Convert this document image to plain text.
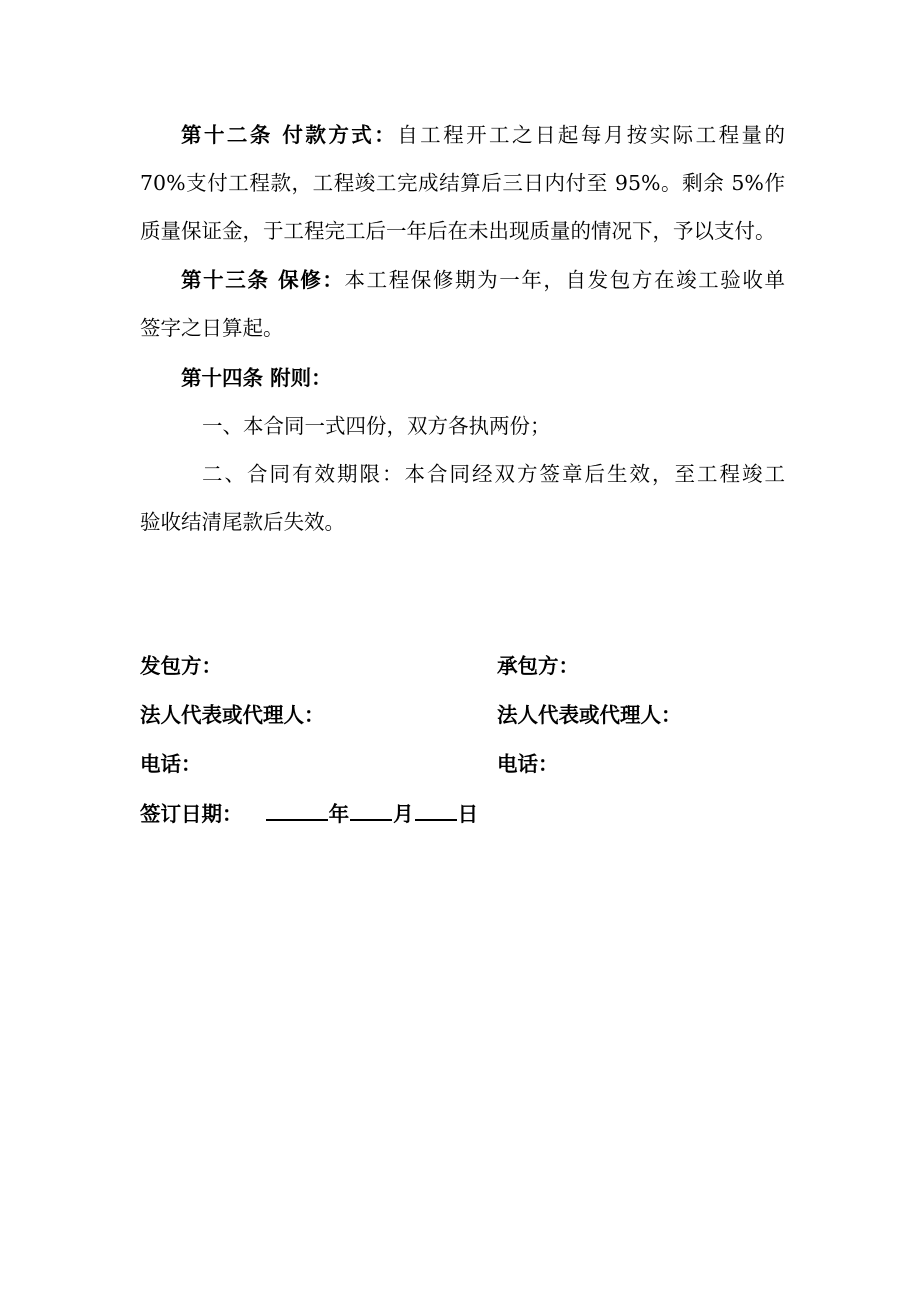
第十二条 付款方式：自工程开工之日起每月按实际工程量的
70%支付工程款，工程竣工完成结算后三日内付至 95%。剩余 5%作
质量保证金，于工程完工后一年后在未出现质量的情况下，予以支付。
第十三条 保修：本工程保修期为一年，自发包方在竣工验收单
签字之日算起。
第十四条 附则：
一、本合同一式四份，双方各执两份；
二、合同有效期限：本合同经双方签章后生效，至工程竣工
验收结清尾款后失效。
发包方：	承包方：
法人代表或代理人：	法人代表或代理人：
电话：	电话：
签订日期：	年 月 日
